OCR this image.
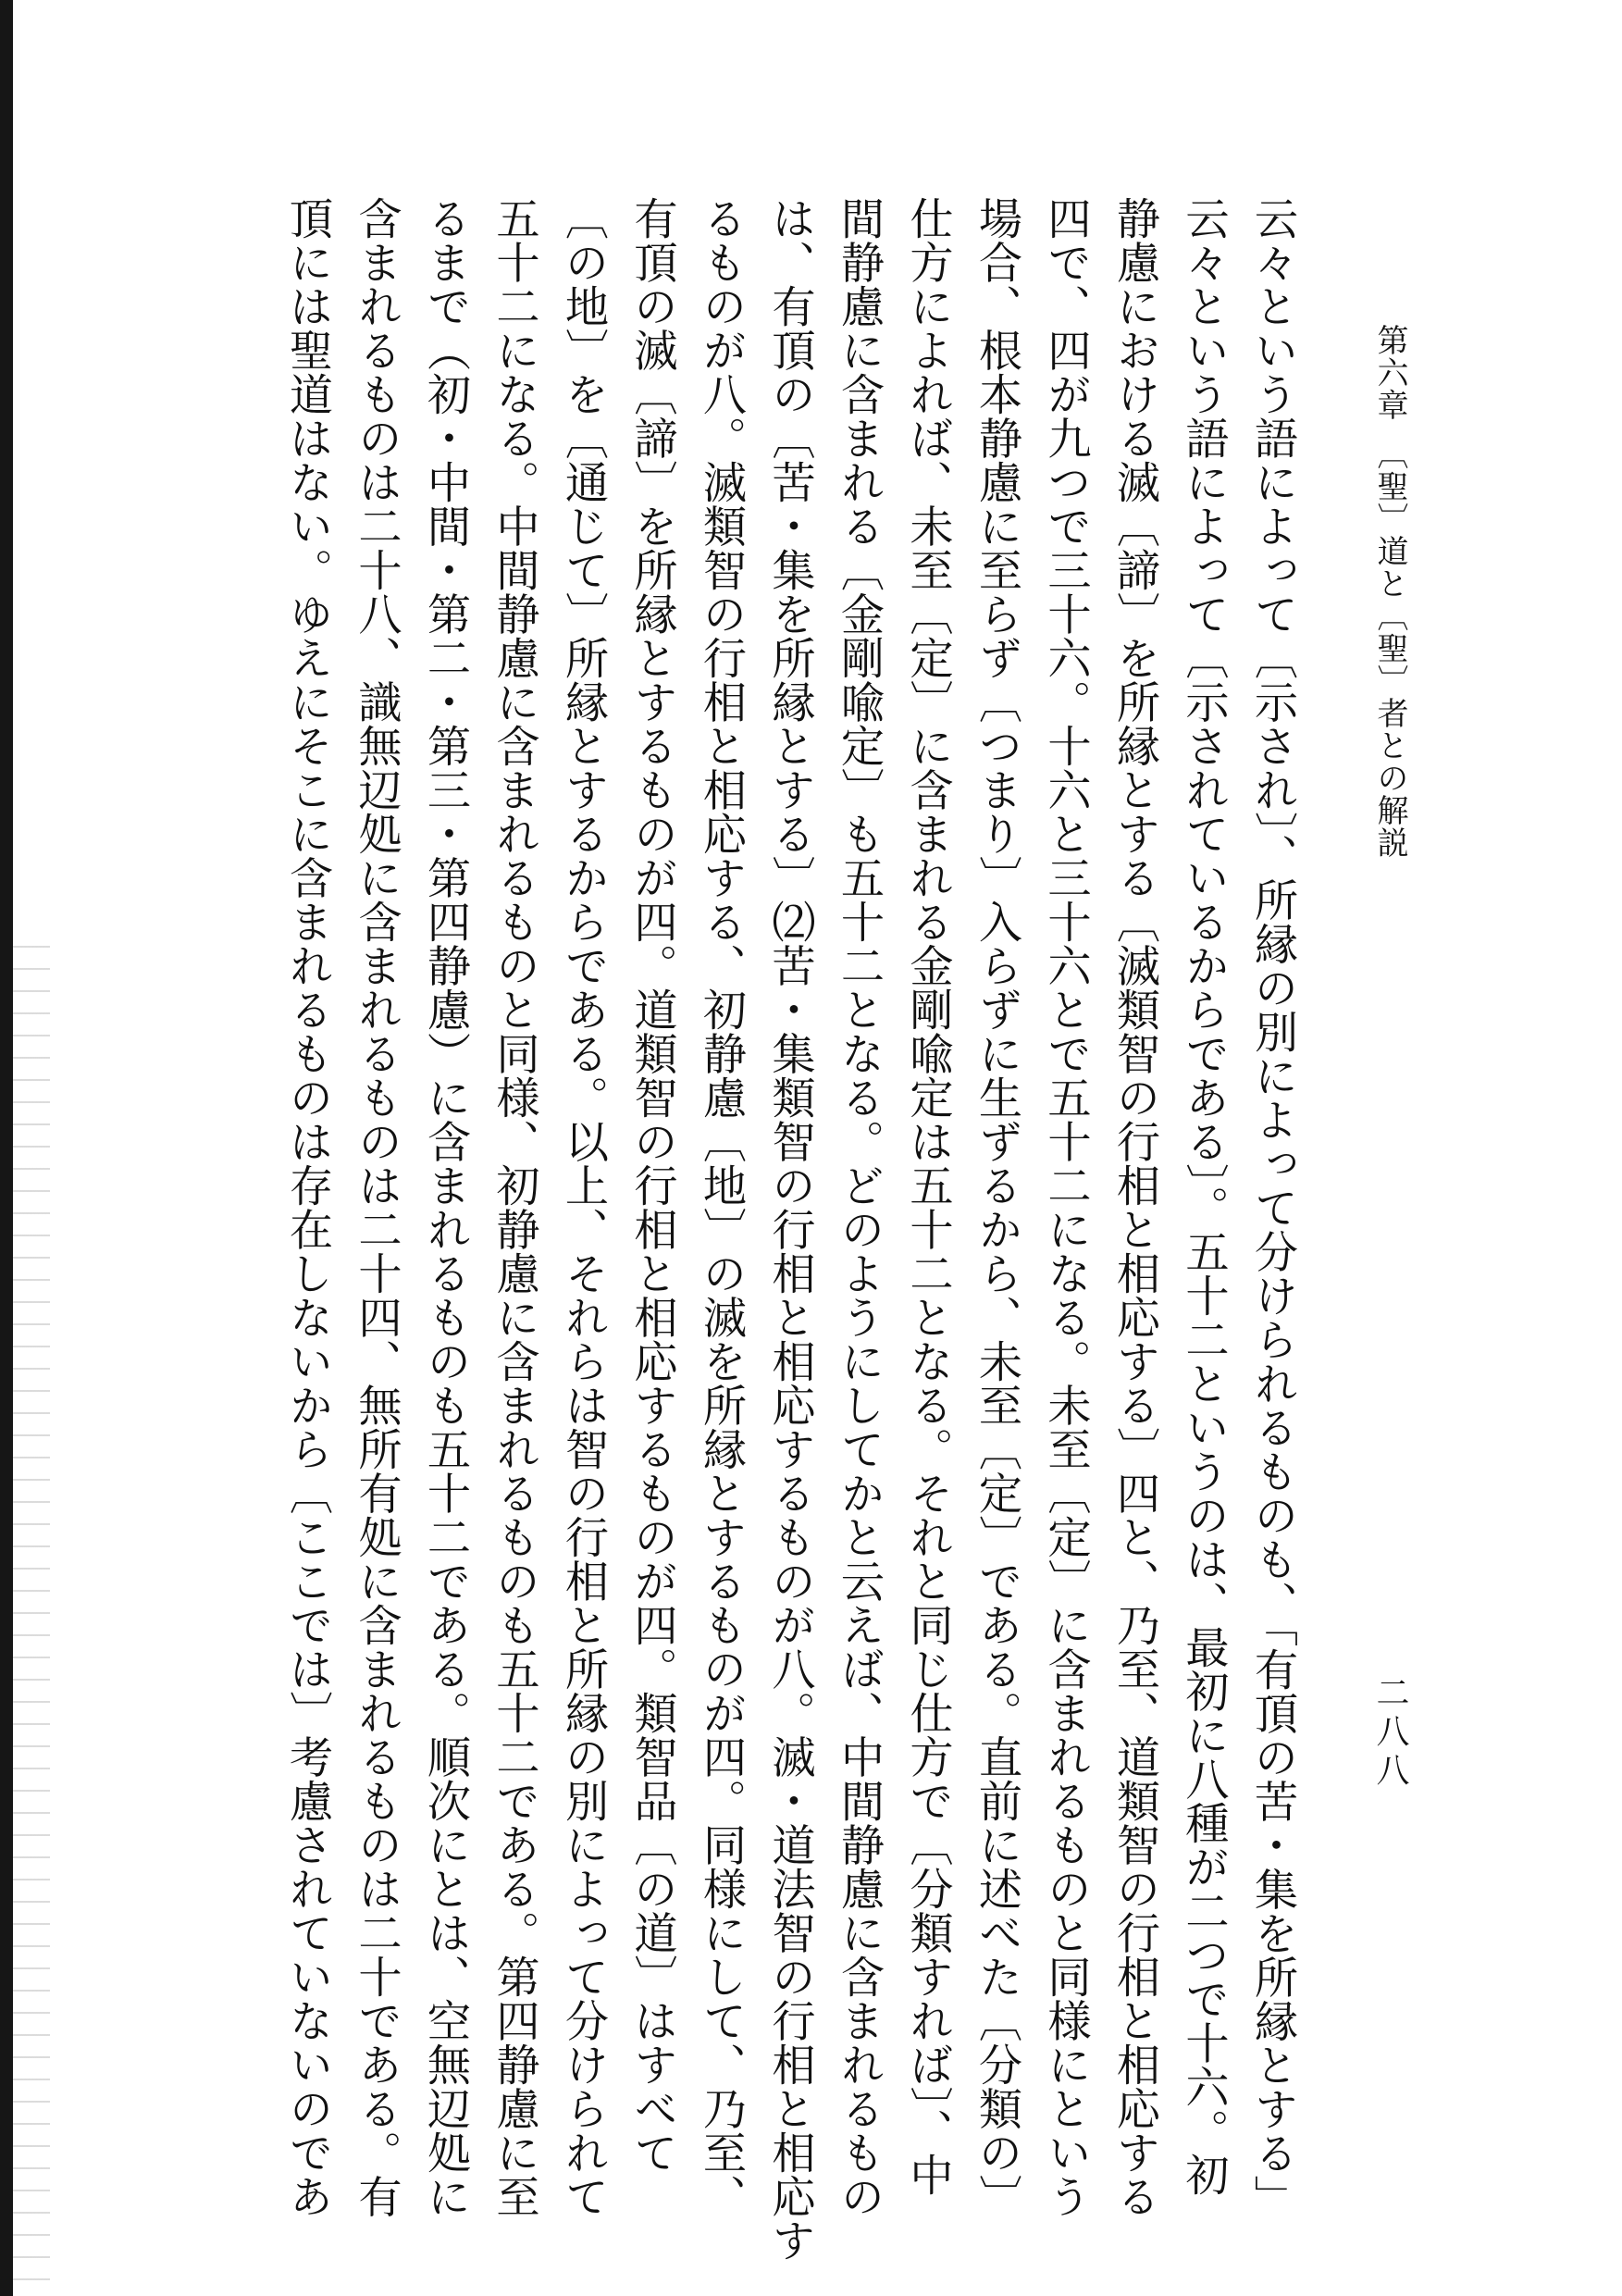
第六章　〔聖〕道と〔聖〕者との解説
二八八
云々という語によって〔示され〕、所縁の別によって分けられるものも、「有頂の苦・集を所縁とする」
云々という語によって〔示されているからである〕。五十二というのは、最初に八種が二つで十六。初
静慮における滅〔諦〕を所縁とする〔滅類智の行相と相応する〕四と、乃至、道類智の行相と相応する
四で、四が九つで三十六。十六と三十六とで五十二になる。未至〔定〕に含まれるものと同様にという
場合、根本静慮に至らず〔つまり〕入らずに生ずるから、未至〔定〕である。直前に述べた〔分類の〕
仕方によれば、未至〔定〕に含まれる金剛喩定は五十二となる。それと同じ仕方で〔分類すれば〕、中
間静慮に含まれる〔金剛喩定〕も五十二となる。どのようにしてかと云えば、中間静慮に含まれるもの
は、有頂の〔苦・集を所縁とする〕⑵苦・集類智の行相と相応するものが八。滅・道法智の行相と相応す
るものが八。滅類智の行相と相応する、初静慮〔地〕の滅を所縁とするものが四。同様にして、乃至、
有頂の滅〔諦〕を所縁とするものが四。道類智の行相と相応するものが四。類智品〔の道〕はすべて
〔の地〕を〔通じて〕所縁とするからである。以上、それらは智の行相と所縁の別によって分けられて
五十二になる。中間静慮に含まれるものと同様、初静慮に含まれるものも五十二である。第四静慮に至
るまで（初・中間・第二・第三・第四静慮）に含まれるものも五十二である。順次にとは、空無辺処に
含まれるものは二十八、識無辺処に含まれるものは二十四、無所有処に含まれるものは二十である。有
頂には聖道はない。ゆえにそこに含まれるものは存在しないから〔ここでは〕考慮されていないのであ
